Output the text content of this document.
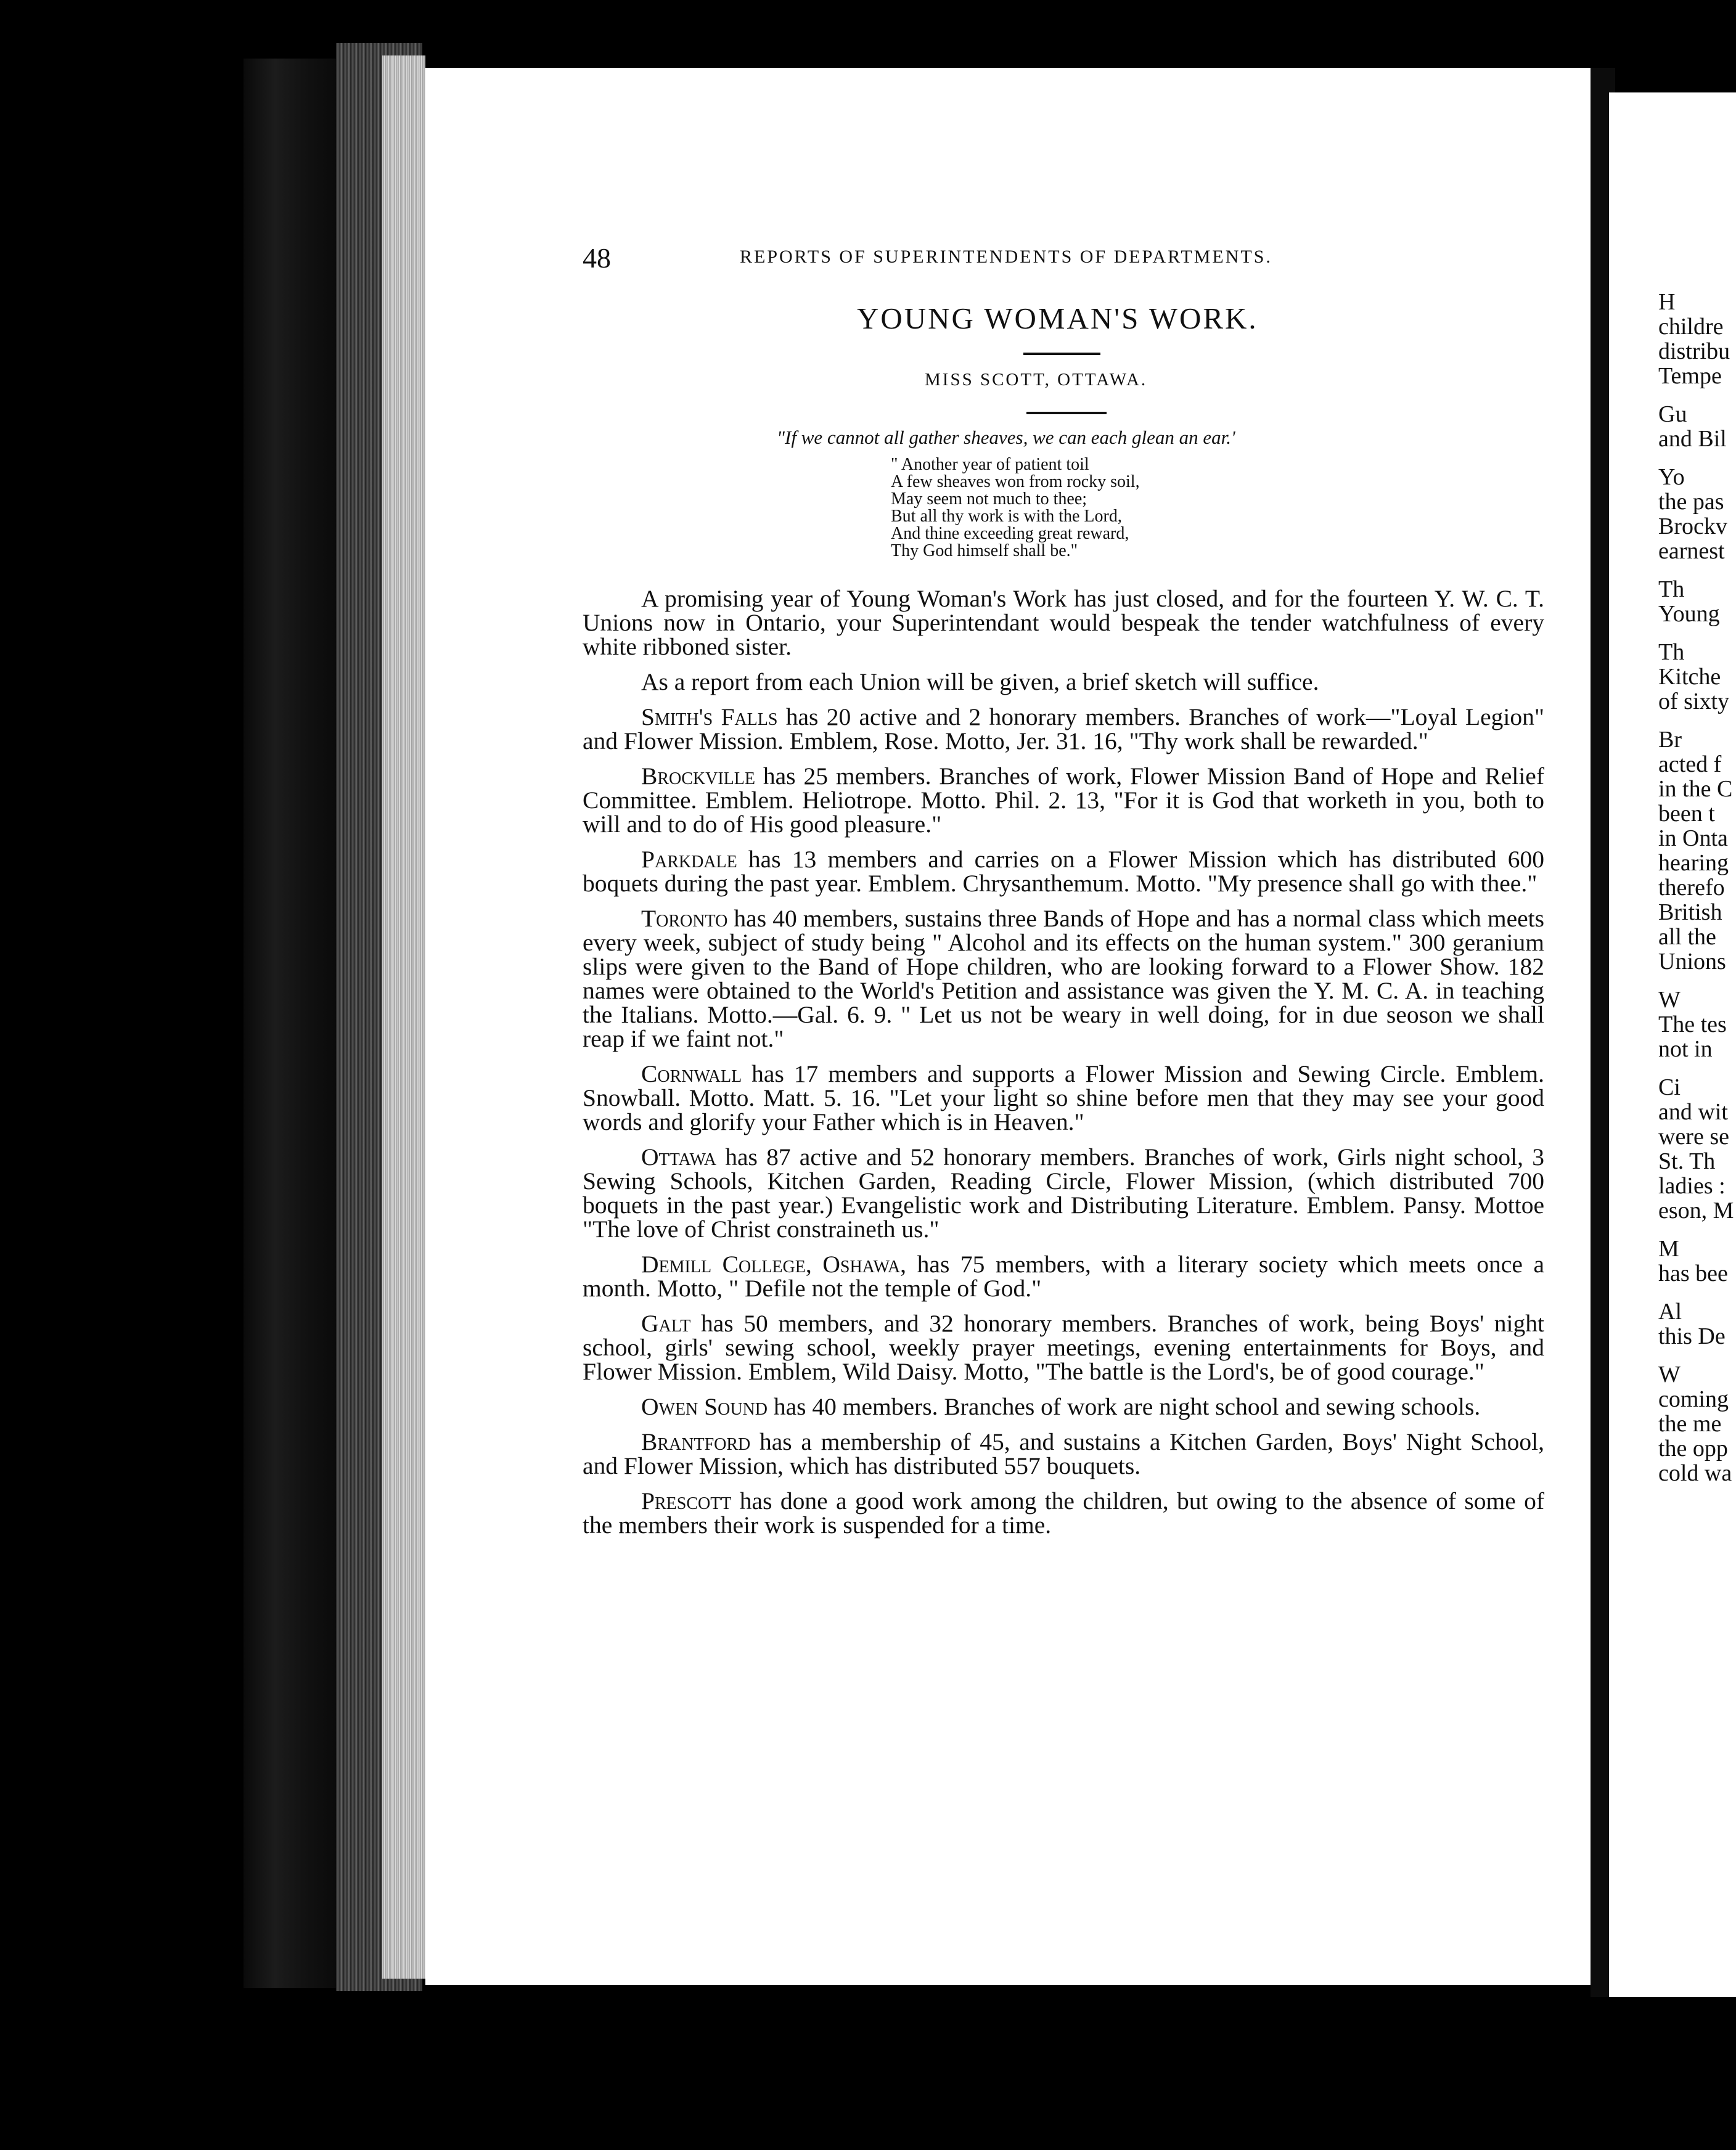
48	REPORTS OF SUPERINTENDENTS OF DEPARTMENTS.
YOUNG WOMAN'S WORK.
MISS SCOTT, OTTAWA.
"If we cannot all gather sheaves, we can each glean an ear.'
" Another year of patient toil
A few sheaves won from rocky soil,
May seem not much to thee;
But all thy work is with the Lord,
And thine exceeding great reward,
Thy God himself shall be."

A promising year of Young Woman's Work has just closed, and for the fourteen Y. W. C. T. Unions now in Ontario, your Superintendant would bespeak the tender watchfulness of every white ribboned sister.

As a report from each Union will be given, a brief sketch will suffice.

Smith's Falls has 20 active and 2 honorary members. Branches of work—"Loyal Legion" and Flower Mission. Emblem, Rose. Motto, Jer. 31. 16, "Thy work shall be rewarded."

Brockville has 25 members. Branches of work, Flower Mission Band of Hope and Relief Committee. Emblem. Heliotrope. Motto. Phil. 2. 13, "For it is God that worketh in you, both to will and to do of His good pleasure."

Parkdale has 13 members and carries on a Flower Mission which has distributed 600 boquets during the past year. Emblem. Chrysanthemum. Motto. "My presence shall go with thee."

Toronto has 40 members, sustains three Bands of Hope and has a normal class which meets every week, subject of study being " Alcohol and its effects on the human system." 300 geranium slips were given to the Band of Hope children, who are looking forward to a Flower Show. 182 names were obtained to the World's Petition and assistance was given the Y. M. C. A. in teaching the Italians. Motto.—Gal. 6. 9. " Let us not be weary in well doing, for in due seoson we shall reap if we faint not."

Cornwall has 17 members and supports a Flower Mission and Sewing Circle. Emblem. Snowball. Motto. Matt. 5. 16. "Let your light so shine before men that they may see your good words and glorify your Father which is in Heaven."

Ottawa has 87 active and 52 honorary members. Branches of work, Girls night school, 3 Sewing Schools, Kitchen Garden, Reading Circle, Flower Mission, (which distributed 700 boquets in the past year.) Evangelistic work and Distributing Literature. Emblem. Pansy. Mottoe "The love of Christ constraineth us."

Demill College, Oshawa, has 75 members, with a literary society which meets once a month. Motto, " Defile not the temple of God."

Galt has 50 members, and 32 honorary members. Branches of work, being Boys' night school, girls' sewing school, weekly prayer meetings, evening entertainments for Boys, and Flower Mission. Emblem, Wild Daisy. Motto, "The battle is the Lord's, be of good courage."

Owen Sound has 40 members. Branches of work are night school and sewing schools.

Brantford has a membership of 45, and sustains a Kitchen Garden, Boys' Night School, and Flower Mission, which has distributed 557 bouquets.

Prescott has done a good work among the children, but owing to the absence of some of the members their work is suspended for a time.

H
childre
distribu
Tempe
Gu
and Bil
Yo
the pas
Brockv
earnest
Th
Young
Th
Kitche
of sixty
Br
acted f
in the C
been t
in Onta
hearing
therefo
British
all the
Unions
W
The tes
not in
Ci
and wit
were se
St. Th
ladies :
eson, M
M
has bee
Al
this De
W
coming
the me
the opp
cold wa
